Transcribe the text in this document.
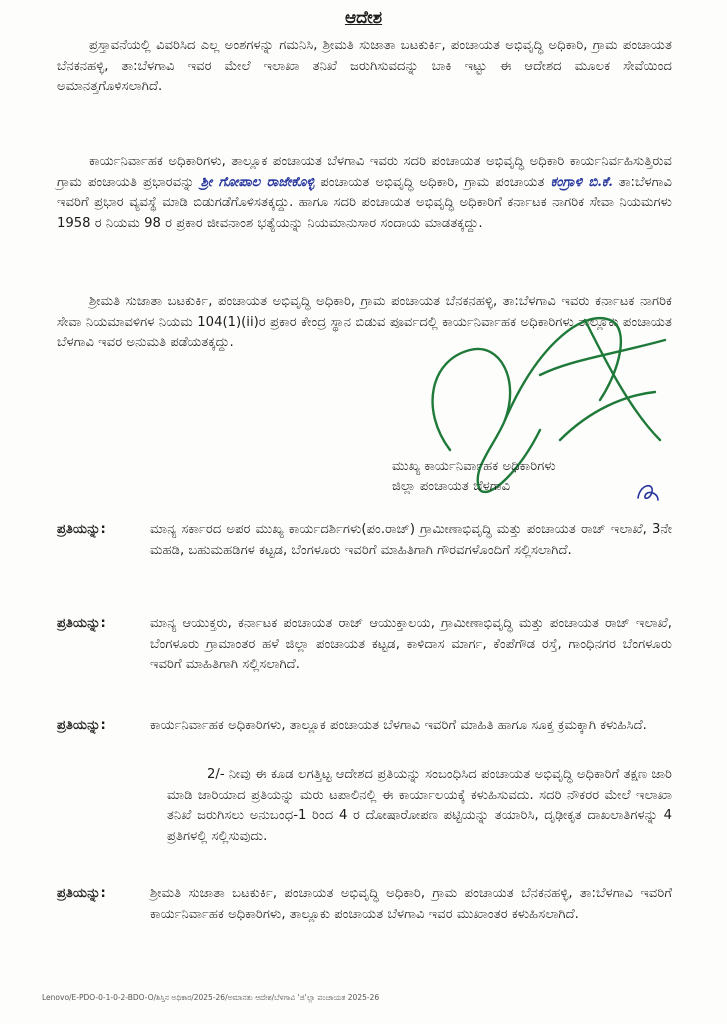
ಆದೇಶ

ಪ್ರಸ್ತಾವನೆಯಲ್ಲಿ ವಿವರಿಸಿದ ಎಲ್ಲ ಅಂಶಗಳನ್ನು ಗಮನಿಸಿ, ಶ್ರೀಮತಿ ಸುಜಾತಾ ಬಟಕುರ್ಕಿ, ಪಂಚಾಯತ ಅಭಿವೃದ್ಧಿ ಅಧಿಕಾರಿ, ಗ್ರಾಮ ಪಂಚಾಯತ ಬೆನಕನಹಳ್ಳಿ, ತಾ:ಬೆಳಗಾವಿ ಇವರ ಮೇಲೆ ಇಲಾಖಾ ತನಿಖೆ ಜರುಗಿಸುವದನ್ನು ಬಾಕಿ ಇಟ್ಟು ಈ ಆದೇಶದ ಮೂಲಕ ಸೇವೆಯಿಂದ ಅಮಾನತ್ತಗೊಳಿಸಲಾಗಿದೆ.

ಕಾರ್ಯನಿರ್ವಾಹಕ ಅಧಿಕಾರಿಗಳು, ತಾಲ್ಲೂಕ ಪಂಚಾಯತ ಬೆಳಗಾವಿ ಇವರು ಸದರಿ ಪಂಚಾಯತ ಅಭಿವೃದ್ಧಿ ಅಧಿಕಾರಿ ಕಾರ್ಯನಿರ್ವಹಿಸುತ್ತಿರುವ ಗ್ರಾಮ ಪಂಚಾಯತಿ ಪ್ರಭಾರವನ್ನು ಶ್ರೀ ಗೋಪಾಲ ರಾಜೇಕೊಳ್ಳಿ ಪಂಚಾಯತ ಅಭಿವೃದ್ಧಿ ಅಧಿಕಾರಿ, ಗ್ರಾಮ ಪಂಚಾಯತ ಕಂಗ್ರಾಳಿ ಬಿ.ಕೆ. ತಾ:ಬೆಳಗಾವಿ ಇವರಿಗೆ ಪ್ರಭಾರ ವ್ಯವಸ್ಥೆ ಮಾಡಿ ಬಿಡುಗಡೆಗೊಳಿಸತಕ್ಕದ್ದು. ಹಾಗೂ ಸದರಿ ಪಂಚಾಯತ ಅಭಿವೃದ್ಧಿ ಅಧಿಕಾರಿಗೆ ಕರ್ನಾಟಕ ನಾಗರಿಕ ಸೇವಾ ನಿಯಮಗಳು 1958 ರ ನಿಯಮ 98 ರ ಪ್ರಕಾರ ಜೀವನಾಂಶ ಭತ್ಯೆಯನ್ನು ನಿಯಮಾನುಸಾರ ಸಂದಾಯ ಮಾಡತಕ್ಕದ್ದು.

ಶ್ರೀಮತಿ ಸುಜಾತಾ ಬಟಕುರ್ಕಿ, ಪಂಚಾಯತ ಅಭಿವೃದ್ಧಿ ಅಧಿಕಾರಿ, ಗ್ರಾಮ ಪಂಚಾಯತ ಬೆನಕನಹಳ್ಳಿ, ತಾ:ಬೆಳಗಾವಿ ಇವರು ಕರ್ನಾಟಕ ನಾಗರಿಕ ಸೇವಾ ನಿಯಮಾವಳಿಗಳ ನಿಯಮ 104(1)(ii)ರ ಪ್ರಕಾರ ಕೇಂದ್ರ ಸ್ಥಾನ ಬಿಡುವ ಪೂರ್ವದಲ್ಲಿ ಕಾರ್ಯನಿರ್ವಾಹಕ ಅಧಿಕಾರಿಗಳು ತಾಲ್ಲೂಕು ಪಂಚಾಯತ ಬೆಳಗಾವಿ ಇವರ ಅನುಮತಿ ಪಡೆಯತಕ್ಕದ್ದು.

ಮುಖ್ಯ ಕಾರ್ಯನಿರ್ವಾಹಕ ಅಧಿಕಾರಿಗಳು
ಜಿಲ್ಲಾ ಪಂಚಾಯತ ಬೆಳಗಾವಿ
ಪ್ರತಿಯನ್ನು:	ಮಾನ್ಯ ಸರ್ಕಾರದ ಅಪರ ಮುಖ್ಯ ಕಾರ್ಯದರ್ಶಿಗಳು(ಪಂ.ರಾಜ್) ಗ್ರಾಮೀಣಾಭಿವೃದ್ಧಿ ಮತ್ತು ಪಂಚಾಯತ ರಾಜ್ ಇಲಾಖೆ, 3ನೇ ಮಹಡಿ, ಬಹುಮಹಡಿಗಳ ಕಟ್ಟಡ, ಬೆಂಗಳೂರು ಇವರಿಗೆ ಮಾಹಿತಿಗಾಗಿ ಗೌರವಗಳೊಂದಿಗೆ ಸಲ್ಲಿಸಲಾಗಿದೆ.
ಪ್ರತಿಯನ್ನು:	ಮಾನ್ಯ ಆಯುಕ್ತರು, ಕರ್ನಾಟಕ ಪಂಚಾಯತ ರಾಜ್ ಆಯುಕ್ತಾಲಯ, ಗ್ರಾಮೀಣಾಭಿವೃದ್ಧಿ ಮತ್ತು ಪಂಚಾಯತ ರಾಜ್ ಇಲಾಖೆ, ಬೆಂಗಳೂರು ಗ್ರಾಮಾಂತರ ಹಳೆ ಜಿಲ್ಲಾ ಪಂಚಾಯತ ಕಟ್ಟಡ, ಕಾಳಿದಾಸ ಮಾರ್ಗ, ಕೆಂಪೆಗೌಡ ರಸ್ತೆ, ಗಾಂಧಿನಗರ ಬೆಂಗಳೂರು ಇವರಿಗೆ ಮಾಹಿತಿಗಾಗಿ ಸಲ್ಲಿಸಲಾಗಿದೆ.
ಪ್ರತಿಯನ್ನು:	ಕಾರ್ಯನಿರ್ವಾಹಕ ಅಧಿಕಾರಿಗಳು, ತಾಲ್ಲೂಕ ಪಂಚಾಯತ ಬೆಳಗಾವಿ ಇವರಿಗೆ ಮಾಹಿತಿ ಹಾಗೂ ಸೂಕ್ತ ಕ್ರಮಕ್ಕಾಗಿ ಕಳುಹಿಸಿದೆ.
2/- ನೀವು ಈ ಕೂಡ ಲಗತ್ತಿಟ್ಟ ಆದೇಶದ ಪ್ರತಿಯನ್ನು ಸಂಬಂಧಿಸಿದ ಪಂಚಾಯತ ಅಭಿವೃದ್ಧಿ ಅಧಿಕಾರಿಗೆ ತಕ್ಷಣ ಜಾರಿ ಮಾಡಿ ಜಾರಿಯಾದ ಪ್ರತಿಯನ್ನು ಮರು ಟಪಾಲಿನಲ್ಲಿ ಈ ಕಾರ್ಯಾಲಯಕ್ಕೆ ಕಳುಹಿಸುವದು. ಸದರಿ ನೌಕರರ ಮೇಲೆ ಇಲಾಖಾ ತನಿಖೆ ಜರುಗಿಸಲು ಅನುಬಂಧ-1 ರಿಂದ 4 ರ ದೋಷಾರೋಪಣ ಪಟ್ಟಿಯನ್ನು ತಯಾರಿಸಿ, ದೃಢೀಕೃತ ದಾಖಲಾತಿಗಳನ್ನು 4 ಪ್ರತಿಗಳಲ್ಲಿ ಸಲ್ಲಿಸುವುದು.
ಪ್ರತಿಯನ್ನು:	ಶ್ರೀಮತಿ ಸುಜಾತಾ ಬಟಕುರ್ಕಿ, ಪಂಚಾಯತ ಅಭಿವೃದ್ಧಿ ಅಧಿಕಾರಿ, ಗ್ರಾಮ ಪಂಚಾಯತ ಬೆನಕನಹಳ್ಳಿ, ತಾ:ಬೆಳಗಾವಿ ಇವರಿಗೆ ಕಾರ್ಯನಿರ್ವಾಹಕ ಅಧಿಕಾರಿಗಳು, ತಾಲ್ಲೂಕು ಪಂಚಾಯತ ಬೆಳಗಾವಿ ಇವರ ಮುಖಾಂತರ ಕಳುಹಿಸಲಾಗಿದೆ.
Lenovo/E-PDO-0-1-0-2-BDO-O/ಶಿಸ್ತಿನ ಅಧಿಕಾರ/2025-26/ಅಮಾನತು ಆದೇಶ/ಬೆಳಗಾವಿ 'ಜಿ'ಲ್ಲಾ ಪಂಚಾಯತ 2025-26
